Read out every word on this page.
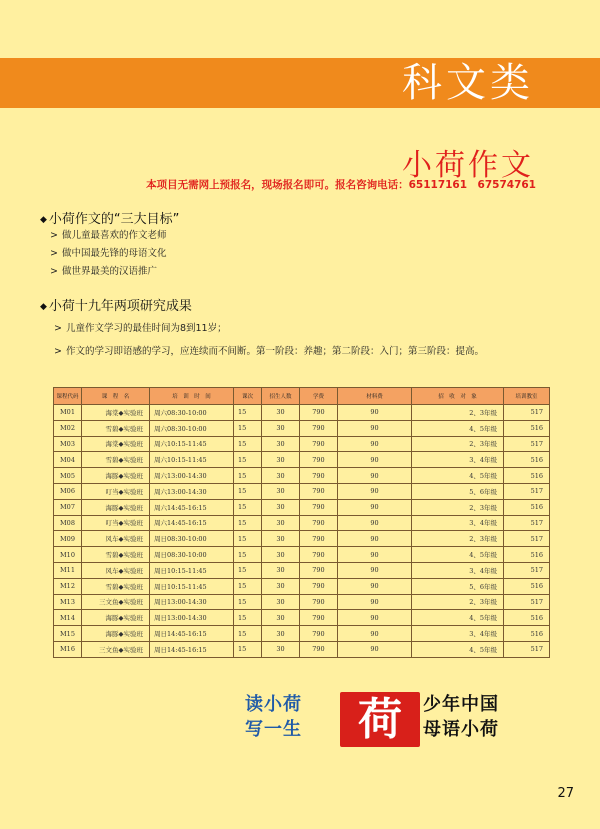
科文类
小荷作文
本项目无需网上预报名，现场报名即可。报名咨询电话：65117161　67574761
◆ 小荷作文的“三大目标”
> 做儿童最喜欢的作文老师
> 做中国最先锋的母语文化
> 做世界最美的汉语推广
◆ 小荷十九年两项研究成果
> 儿童作文学习的最佳时间为8到11岁；
> 作文的学习即语感的学习，应连续而不间断。第一阶段：养趣；第二阶段：入门；第三阶段：提高。
课程代码	课　程　名	培　训　时　间	课次	招生人数	学费	材料费	招　收　对　象	培训教室
M01	海棠◆实验班	周六08:30-10:00	15	30	790	90	2、3年级	517
M02	雪碧◆实验班	周六08:30-10:00	15	30	790	90	4、5年级	516
M03	海棠◆实验班	周六10:15-11:45	15	30	790	90	2、3年级	517
M04	雪碧◆实验班	周六10:15-11:45	15	30	790	90	3、4年级	516
M05	海豚◆实验班	周六13:00-14:30	15	30	790	90	4、5年级	516
M06	叮当◆实验班	周六13:00-14:30	15	30	790	90	5、6年级	517
M07	海豚◆实验班	周六14:45-16:15	15	30	790	90	2、3年级	516
M08	叮当◆实验班	周六14:45-16:15	15	30	790	90	3、4年级	517
M09	风车◆实验班	周日08:30-10:00	15	30	790	90	2、3年级	517
M10	雪碧◆实验班	周日08:30-10:00	15	30	790	90	4、5年级	516
M11	风车◆实验班	周日10:15-11:45	15	30	790	90	3、4年级	517
M12	雪碧◆实验班	周日10:15-11:45	15	30	790	90	5、6年级	516
M13	三文鱼◆实验班	周日13:00-14:30	15	30	790	90	2、3年级	517
M14	海豚◆实验班	周日13:00-14:30	15	30	790	90	4、5年级	516
M15	海豚◆实验班	周日14:45-16:15	15	30	790	90	3、4年级	516
M16	三文鱼◆实验班	周日14:45-16:15	15	30	790	90	4、5年级	517
读小荷
写一生	荷	少年中国
母语小荷
27
